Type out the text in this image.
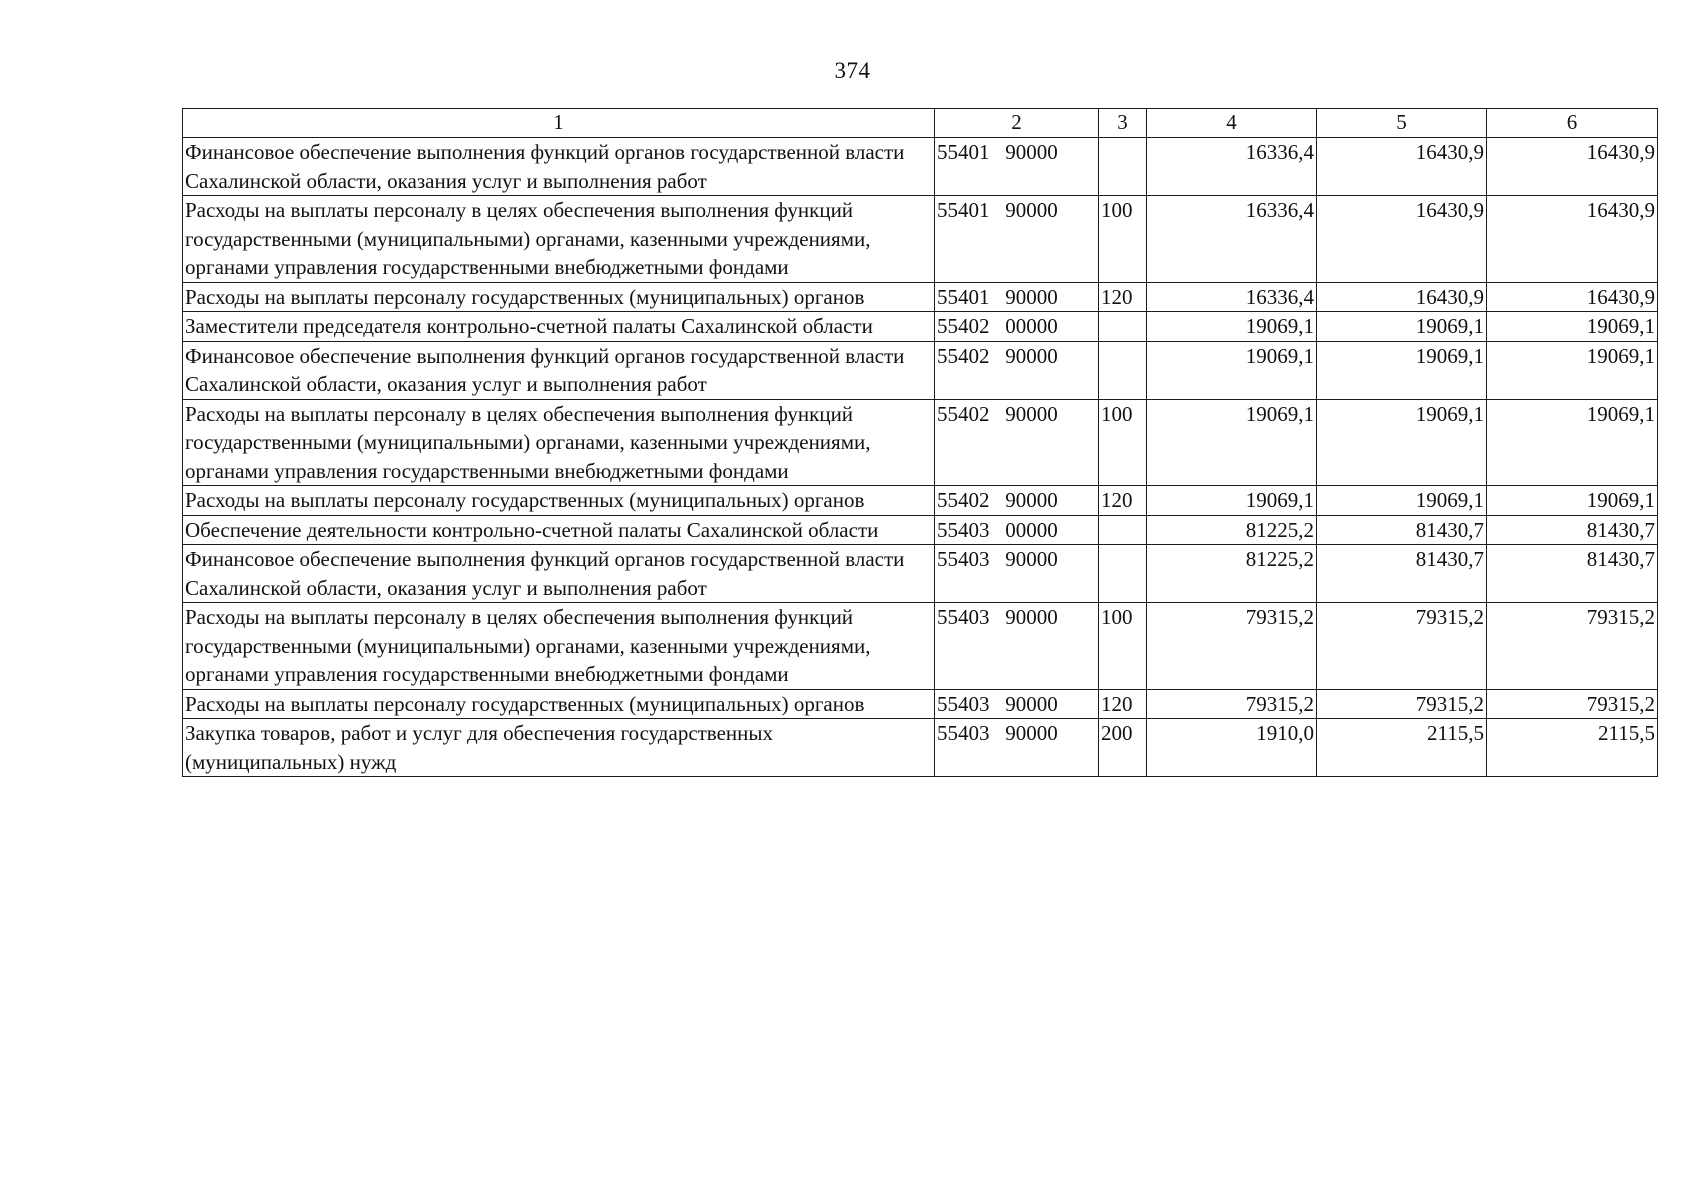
374
1	2	3	4	5	6
Финансовое обеспечение выполнения функций органов государственной власти Сахалинской области, оказания услуг и выполнения работ	55401   90000		16336,4	16430,9	16430,9
Расходы на выплаты персоналу в целях обеспечения выполнения функций государственными (муниципальными) органами, казенными учреждениями, органами управления государственными внебюджетными фондами	55401   90000	100	16336,4	16430,9	16430,9
Расходы на выплаты персоналу государственных (муниципальных) органов	55401   90000	120	16336,4	16430,9	16430,9
Заместители председателя контрольно-счетной палаты Сахалинской области	55402   00000		19069,1	19069,1	19069,1
Финансовое обеспечение выполнения функций органов государственной власти Сахалинской области, оказания услуг и выполнения работ	55402   90000		19069,1	19069,1	19069,1
Расходы на выплаты персоналу в целях обеспечения выполнения функций государственными (муниципальными) органами, казенными учреждениями, органами управления государственными внебюджетными фондами	55402   90000	100	19069,1	19069,1	19069,1
Расходы на выплаты персоналу государственных (муниципальных) органов	55402   90000	120	19069,1	19069,1	19069,1
Обеспечение деятельности контрольно-счетной палаты Сахалинской области	55403   00000		81225,2	81430,7	81430,7
Финансовое обеспечение выполнения функций органов государственной власти Сахалинской области, оказания услуг и выполнения работ	55403   90000		81225,2	81430,7	81430,7
Расходы на выплаты персоналу в целях обеспечения выполнения функций государственными (муниципальными) органами, казенными учреждениями, органами управления государственными внебюджетными фондами	55403   90000	100	79315,2	79315,2	79315,2
Расходы на выплаты персоналу государственных (муниципальных) органов	55403   90000	120	79315,2	79315,2	79315,2
Закупка товаров, работ и услуг для обеспечения государственных (муниципальных) нужд	55403   90000	200	1910,0	2115,5	2115,5
